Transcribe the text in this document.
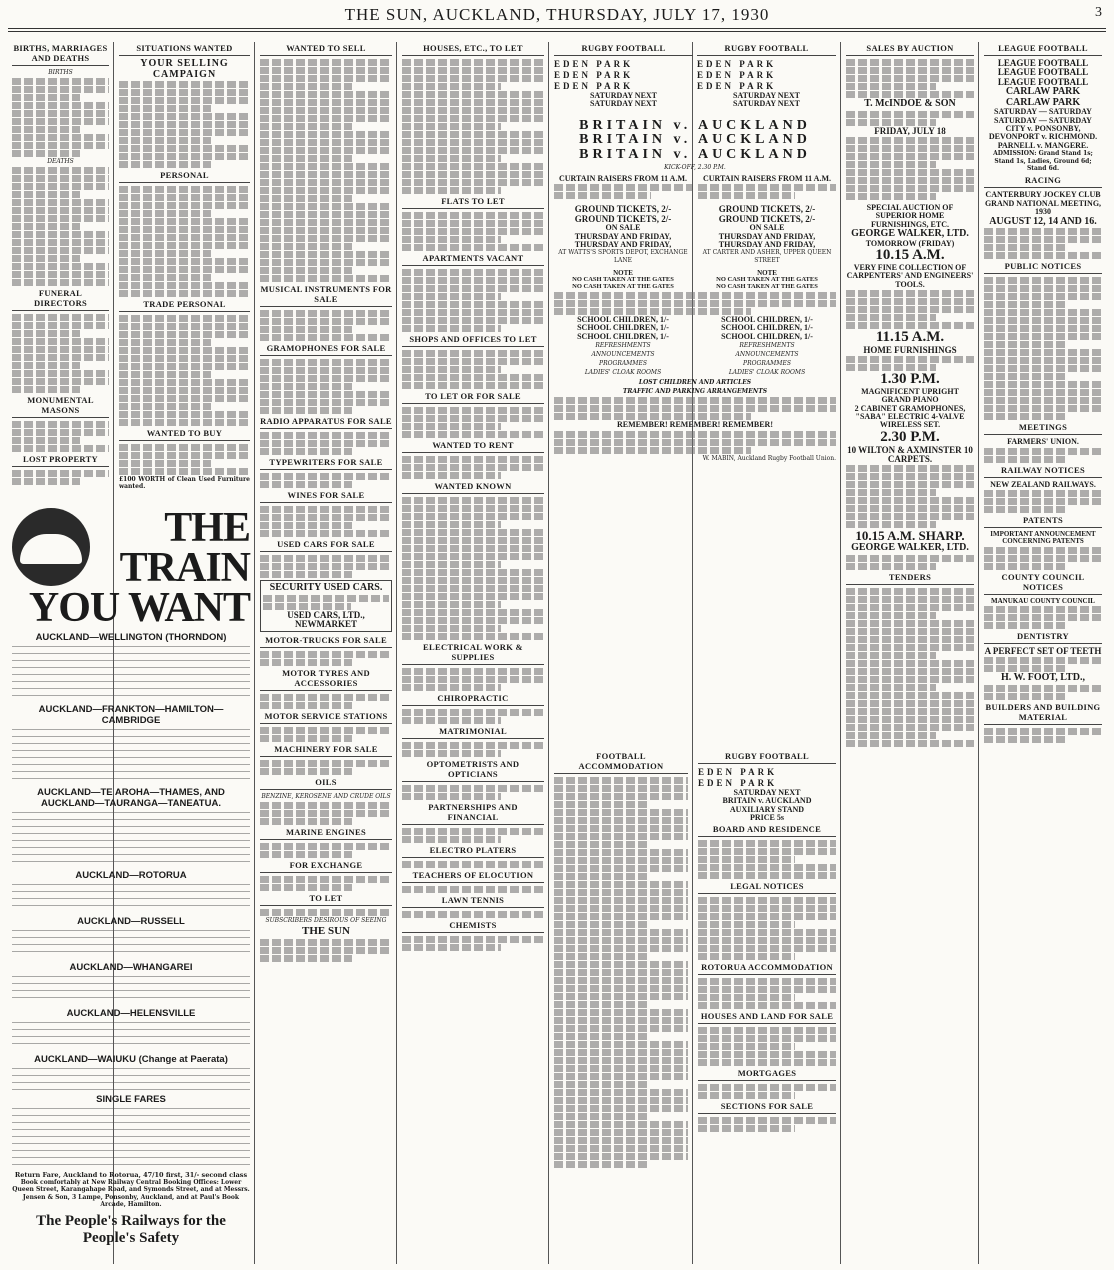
THE SUN, AUCKLAND, THURSDAY, JULY 17, 1930	3
BIRTHS, MARRIAGES AND DEATHS
BIRTHS
DEATHS
FUNERAL DIRECTORS
MONUMENTAL MASONS
LOST PROPERTY
SITUATIONS WANTED
YOUR SELLING CAMPAIGN
PERSONAL
TRADE PERSONAL
WANTED TO BUY
£100 WORTH of Clean Used Furniture wanted.
THE TRAIN YOU WANT
AUCKLAND—WELLINGTON (THORNDON)
AUCKLAND—FRANKTON—HAMILTON—CAMBRIDGE
AUCKLAND—TE AROHA—THAMES, AND AUCKLAND—TAURANGA—TANEATUA.
AUCKLAND—ROTORUA
AUCKLAND—RUSSELL
AUCKLAND—WHANGAREI
AUCKLAND—HELENSVILLE
AUCKLAND—WAIUKU (Change at Paerata)
SINGLE FARES
Return Fare, Auckland to Rotorua, 47/10 first, 31/- second class
Book comfortably at New Railway Central Booking Offices: Lower Queen Street, Karangahape Road, and Symonds Street, and at Messrs. Jensen & Son, 3 Lampe, Ponsonby, Auckland, and at Paul's Book Arcade, Hamilton.
The People's Railways for the People's Safety
WANTED TO SELL
MUSICAL INSTRUMENTS FOR SALE
GRAMOPHONES FOR SALE
RADIO APPARATUS FOR SALE
TYPEWRITERS FOR SALE
WINES FOR SALE
USED CARS FOR SALE
SECURITY USED CARS.
USED CARS, LTD., NEWMARKET
MOTOR-TRUCKS FOR SALE
MOTOR TYRES AND ACCESSORIES
MOTOR SERVICE STATIONS
MACHINERY FOR SALE
OILS
BENZINE, KEROSENE AND CRUDE OILS
MARINE ENGINES
FOR EXCHANGE
TO LET
SUBSCRIBERS DESIROUS OF SEEING
THE SUN
HOUSES, ETC., TO LET
FLATS TO LET
APARTMENTS VACANT
SHOPS AND OFFICES TO LET
TO LET OR FOR SALE
WANTED TO RENT
WANTED KNOWN
ELECTRICAL WORK & SUPPLIES
CHIROPRACTIC
MATRIMONIAL
OPTOMETRISTS AND OPTICIANS
PARTNERSHIPS AND FINANCIAL
ELECTRO PLATERS
TEACHERS OF ELOCUTION
LAWN TENNIS
CHEMISTS
RUGBY FOOTBALL
EDEN PARK
EDEN PARK
EDEN PARK
SATURDAY NEXT
SATURDAY NEXT
RUGBY FOOTBALL
EDEN PARK
EDEN PARK
EDEN PARK
SATURDAY NEXT
SATURDAY NEXT
BRITAIN v. AUCKLAND
BRITAIN v. AUCKLAND
BRITAIN v. AUCKLAND
KICK-OFF, 2.30 P.M.
CURTAIN RAISERS FROM 11 A.M.
GROUND TICKETS, 2/-
GROUND TICKETS, 2/-
ON SALE
THURSDAY AND FRIDAY,
THURSDAY AND FRIDAY,
AT WATTS'S SPORTS DEPOT, EXCHANGE LANE
CURTAIN RAISERS FROM 11 A.M.
GROUND TICKETS, 2/-
GROUND TICKETS, 2/-
ON SALE
THURSDAY AND FRIDAY,
THURSDAY AND FRIDAY,
AT CARTER AND ASHER, UPPER QUEEN STREET
NOTE
NO CASH TAKEN AT THE GATES
NO CASH TAKEN AT THE GATES
NOTE
NO CASH TAKEN AT THE GATES
NO CASH TAKEN AT THE GATES
SCHOOL CHILDREN, 1/-
SCHOOL CHILDREN, 1/-
SCHOOL CHILDREN, 1/-
REFRESHMENTS
ANNOUNCEMENTS
PROGRAMMES
LADIES' CLOAK ROOMS
SCHOOL CHILDREN, 1/-
SCHOOL CHILDREN, 1/-
SCHOOL CHILDREN, 1/-
REFRESHMENTS
ANNOUNCEMENTS
PROGRAMMES
LADIES' CLOAK ROOMS
LOST CHILDREN AND ARTICLES
TRAFFIC AND PARKING ARRANGEMENTS
REMEMBER! REMEMBER! REMEMBER!
W. MABIN, Auckland Rugby Football Union.
FOOTBALL ACCOMMODATION
RUGBY FOOTBALL
EDEN PARK
EDEN PARK
SATURDAY NEXT
BRITAIN v. AUCKLAND
AUXILIARY STAND
PRICE 5s
BOARD AND RESIDENCE
LEGAL NOTICES
ROTORUA ACCOMMODATION
HOUSES AND LAND FOR SALE
MORTGAGES
SECTIONS FOR SALE
SALES BY AUCTION
T. McINDOE & SON
FRIDAY, JULY 18
SPECIAL AUCTION OF SUPERIOR HOME FURNISHINGS, ETC.
GEORGE WALKER, LTD.
TOMORROW (FRIDAY)
10.15 A.M.
VERY FINE COLLECTION OF CARPENTERS' AND ENGINEERS' TOOLS.
11.15 A.M.
HOME FURNISHINGS
1.30 P.M.
MAGNIFICENT UPRIGHT GRAND PIANO
2 CABINET GRAMOPHONES, "SABA" ELECTRIC 4-VALVE WIRELESS SET.
2.30 P.M.
10 WILTON & AXMINSTER 10 CARPETS.
10.15 A.M. SHARP.
GEORGE WALKER, LTD.
TENDERS
LEAGUE FOOTBALL
LEAGUE FOOTBALL
LEAGUE FOOTBALL
LEAGUE FOOTBALL
CARLAW PARK
CARLAW PARK
SATURDAY — SATURDAY
SATURDAY — SATURDAY
CITY v. PONSONBY,
DEVONPORT v. RICHMOND.
PARNELL v. MANGERE.
ADMISSION: Grand Stand 1s; Stand 1s, Ladies, Ground 6d; Stand 6d.
RACING
CANTERBURY JOCKEY CLUB
GRAND NATIONAL MEETING, 1930
AUGUST 12, 14 AND 16.
PUBLIC NOTICES
MEETINGS
FARMERS' UNION.
RAILWAY NOTICES
NEW ZEALAND RAILWAYS.
PATENTS
IMPORTANT ANNOUNCEMENT CONCERNING PATENTS
COUNTY COUNCIL NOTICES
MANUKAU COUNTY COUNCIL
DENTISTRY
A PERFECT SET OF TEETH
H. W. FOOT, LTD.,
BUILDERS AND BUILDING MATERIAL
